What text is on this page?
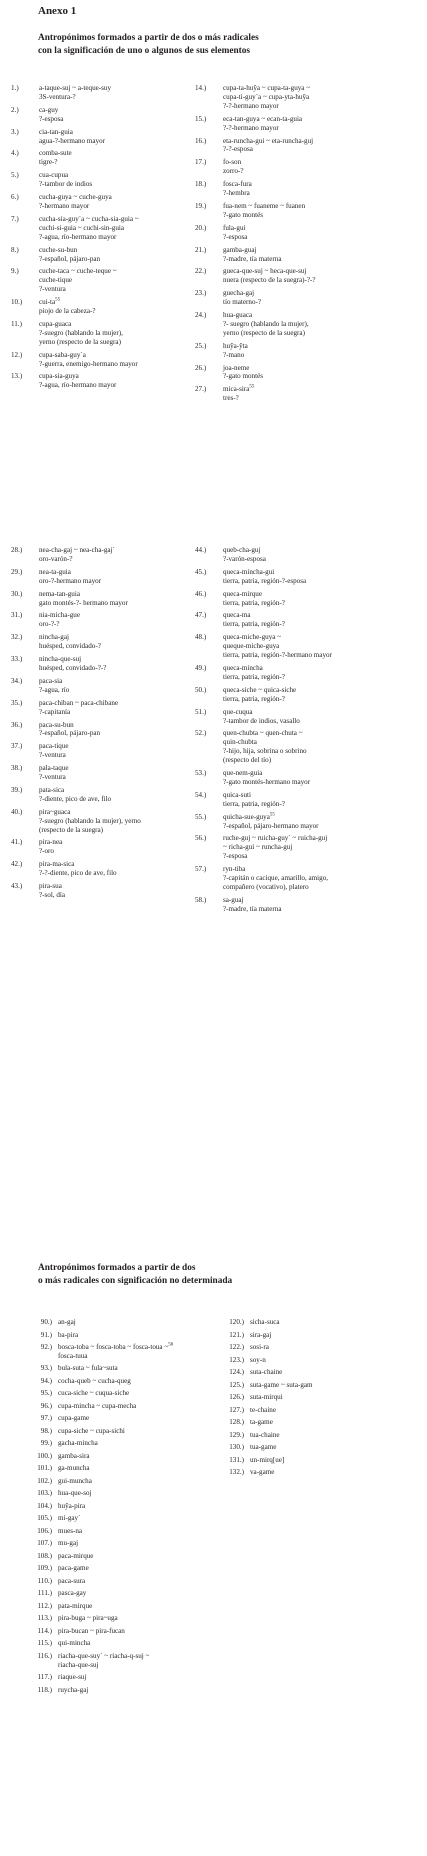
Anexo 1
Antropónimos formados a partir de dos o más radicales
con la significación de uno o algunos de sus elementos
1.)	a-taque-suj ~ a-teque-suy
3S-ventura-?
2.)	ca-guy
?-esposa
3.)	cia-tan-guia
agua-?-hermano mayor
4.)	comba-sute
tigre-?
5.)	cua-cupua
?-tambor de indios
6.)	cucha-guya ~ cuche-guya
?-hermano mayor
7.)	cucha-sia-guy`a ~ cucha-sia-guia ~
cuchi-si-guia ~ cuchi-sin-guia
?-agua, río-hermano mayor
8.)	cuche-su-bun
?-español, pájaro-pan
9.)	cuche-taca ~ cuche-teque ~
cuche-tique
?-ventura
10.) cui-$ta^{55}$
piojo de la cabeza-?
11.) cupa-guaca
?-suegro (hablando la mujer),
yerno (respecto de la suegra)
12.) cupa-saba-guy`a
?-guerra, enemigo-hermano mayor
13.) cupa-sia-guya
?-agua, río-hermano mayor
14.) cupa-ta-huy̆a ~ cupa-ta-guya ~
cupa-ti-guy`a ~ cupa-yta-huy̆a
?-?-hermano mayor
15.) eca-tan-guya ~ ecan-ta-guia
?-?-hermano mayor
16.) eta-runcha-gui ~ eta-runcha-guj
?-?-esposa
17.) fo-son
zorro-?
18.) fosca-fura
?-hembra
19.) fua-nem ~ fuaneme ~ fuanen
?-gato montés
20.) fula-gui
?-esposa
21.) gamba-guaj
?-madre, tía materna
22.) gueca-que-suj ~ heca-que-suj
nuera (respecto de la suegra)-?-?
23.) guecha-gaj
tío materno-?
24.) hua-guaca
?- suegro (hablando la mujer),
yerno (respecto de la suegra)
25.) huy̆a-y̆ta
?-mano
26.) joa-neme
?-gato montés
27.) mica-sira$^{55}$
tres-?
28.) nea-cha-gaj ~ nea-cha-gaj`
oro-varón-?
29.) nea-ta-guia
oro-?-hermano mayor
30.) nema-tan-guia
gato montés-?- hermano mayor
31.) nia-micha-gue
oro-?-?
32.) nincha-gaj
huésped, convidado-?
33.) nincha-que-suj
huésped, convidado-?-?
34.) paca-sia
?-agua, río
35.) paca-chiban ~ paca-chibane
?-capitanía
36.) paca-su-bun
?-español, pájaro-pan
37.) paca-tique
?-ventura
38.) pala-taque
?-ventura
39.) pata-sica
?-diente, pico de ave, filo
40.) pira~guaca
?-suegro (hablando la mujer), yerno
(respecto de la suegra)
41.) pira-nea
?-oro
42.) pira-ma-sica
?-?-diente, pico de ave, filo
43.) pira-sua
?-sol, día
44.) queb-cha-guj
?-varón-esposa
45.) queca-mincha-gui
tierra, patria, región-?-esposa
46.) queca-mirque
tierra, patria, región-?
47.) queca-ma
tierra, patria, región-?
48.) queca-miche-guya ~
queque-miche-guya
tierra, patria, región-?-hermano mayor
49.) queca-mincha
tierra, patria, región-?
50.) queca-siche ~ quica-siche
tierra, patria, región-?
51.) que-cuqua
?-tambor de indios, vasallo
52.) quen-chubta ~ quen-chuta ~
quin-chubta
?-hijo, hija, sobrina o sobrino
(respecto del tío)
53.) que-nem-guia
?-gato montés-hermano mayor
54.) quica-suti
tierra, patria, región-?
55.) quicha-sue-guya$^{55}$
?-español, pájaro-hermano mayor
56.) ruche-guj ~ ruicha-guy` ~ ruicha-guj
~ richa-gui ~ runcha-guj
?-esposa
57.) ryn-tiba
?-capitán o cacique, amarillo, amigo,
compañero (vocativo), platero
58.) sa-guaj
?-madre, tía materna
Antropónimos formados a partir de dos
o más radicales con significación no determinada
90.) an-gaj
91.) ba-pira
92.) bosca-toba ~ fosca-toba ~ fosca-toua ~$^{56}$
fosca-tuua
93.) bula-suta ~ fula~suta
94.) cocha-queb ~ cucha-queg
95.) cuca-siche ~ cuqua-siche
96.) cupa-mincha ~ cupa-mecha
97.) cupa-game
98.) cupa-siche ~ cupa-sichi
99.) gacha-mincha
100.) gamba-sira
101.) ga-muncha
102.) gui-muncha
103.) hua-que-soj
104.) huy̆a-pira
105.) mi-gay`
106.) mues-na
107.) mu-gaj
108.) paca-mirque
109.) paca-game
110.) paca-sura
111.) pasca-gay
112.) pata-mirque
113.) pira-buga ~ pira~uga
114.) pira-bucan ~ pira-fucan
115.) qui-mincha
116.) riacha-que-suy` ~ riacha-q-suj ~
riacha-que-suj
117.) riaque-suj
118.) ruycha-gaj
120.) sicha-suca
121.) sira-gaj
122.) sosi-ra
123.) soy-n
124.) suta-chaine
125.) suta-game ~ suta-gam
126.) suta-mirqui
127.) te-chaine
128.) ta-game
129.) tua-chaine
130.) tua-game
131.) un-mirq[ue]
132.) va-game
